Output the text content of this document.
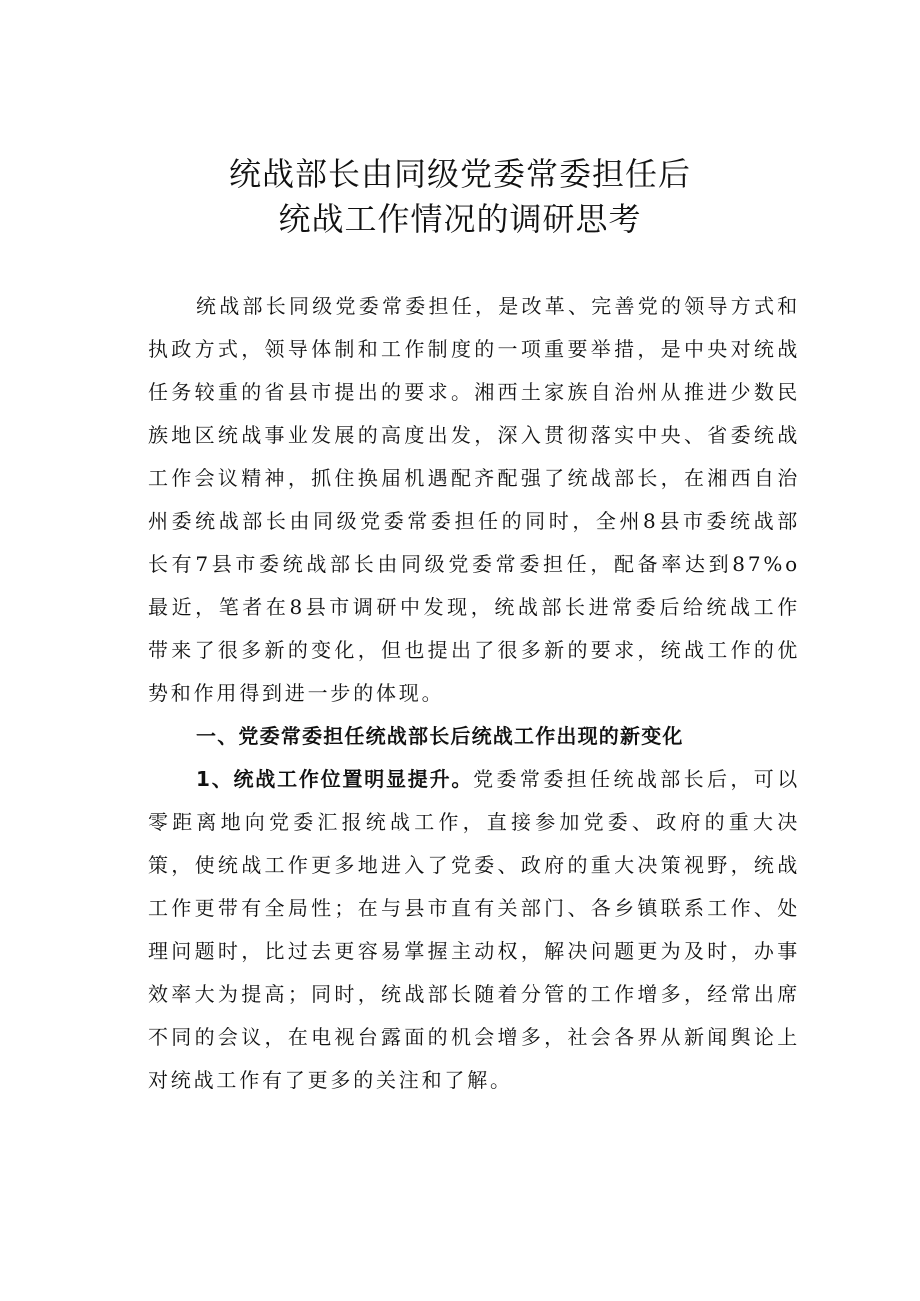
统战部长由同级党委常委担任后
统战工作情况的调研思考

统战部长同级党委常委担任，是改革、完善党的领导方式和执政方式，领导体制和工作制度的一项重要举措，是中央对统战任务较重的省县市提出的要求。湘西土家族自治州从推进少数民族地区统战事业发展的高度出发，深入贯彻落实中央、省委统战工作会议精神，抓住换届机遇配齐配强了统战部长，在湘西自治州委统战部长由同级党委常委担任的同时，全州8县市委统战部长有7县市委统战部长由同级党委常委担任，配备率达到87%o最近，笔者在8县市调研中发现，统战部长进常委后给统战工作带来了很多新的变化，但也提出了很多新的要求，统战工作的优势和作用得到进一步的体现。

一、党委常委担任统战部长后统战工作出现的新变化

1、统战工作位置明显提升。党委常委担任统战部长后，可以零距离地向党委汇报统战工作，直接参加党委、政府的重大决策，使统战工作更多地进入了党委、政府的重大决策视野，统战工作更带有全局性；在与县市直有关部门、各乡镇联系工作、处理问题时，比过去更容易掌握主动权，解决问题更为及时，办事效率大为提高；同时，统战部长随着分管的工作增多，经常出席不同的会议，在电视台露面的机会增多，社会各界从新闻舆论上对统战工作有了更多的关注和了解。
